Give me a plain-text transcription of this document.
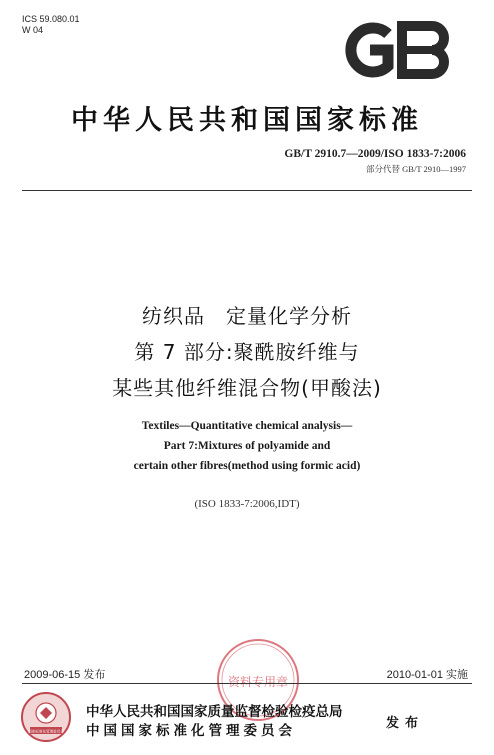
ICS 59.080.01
W 04
中华人民共和国国家标准
GB/T 2910.7—2009/ISO 1833-7:2006
部分代替 GB/T 2910—1997
纺织品　定量化学分析
第 7 部分:聚酰胺纤维与
某些其他纤维混合物(甲酸法)
Textiles—Quantitative chemical analysis—
Part 7:Mixtures of polyamide and
certain other fibres(method using formic acid)
(ISO 1833-7:2006,IDT)
资料专用章
2009-06-15 发布	2010-01-01 实施
国家标准化管理委员会
中华人民共和国国家质量监督检验检疫总局
中国国家标准化管理委员会	发布
